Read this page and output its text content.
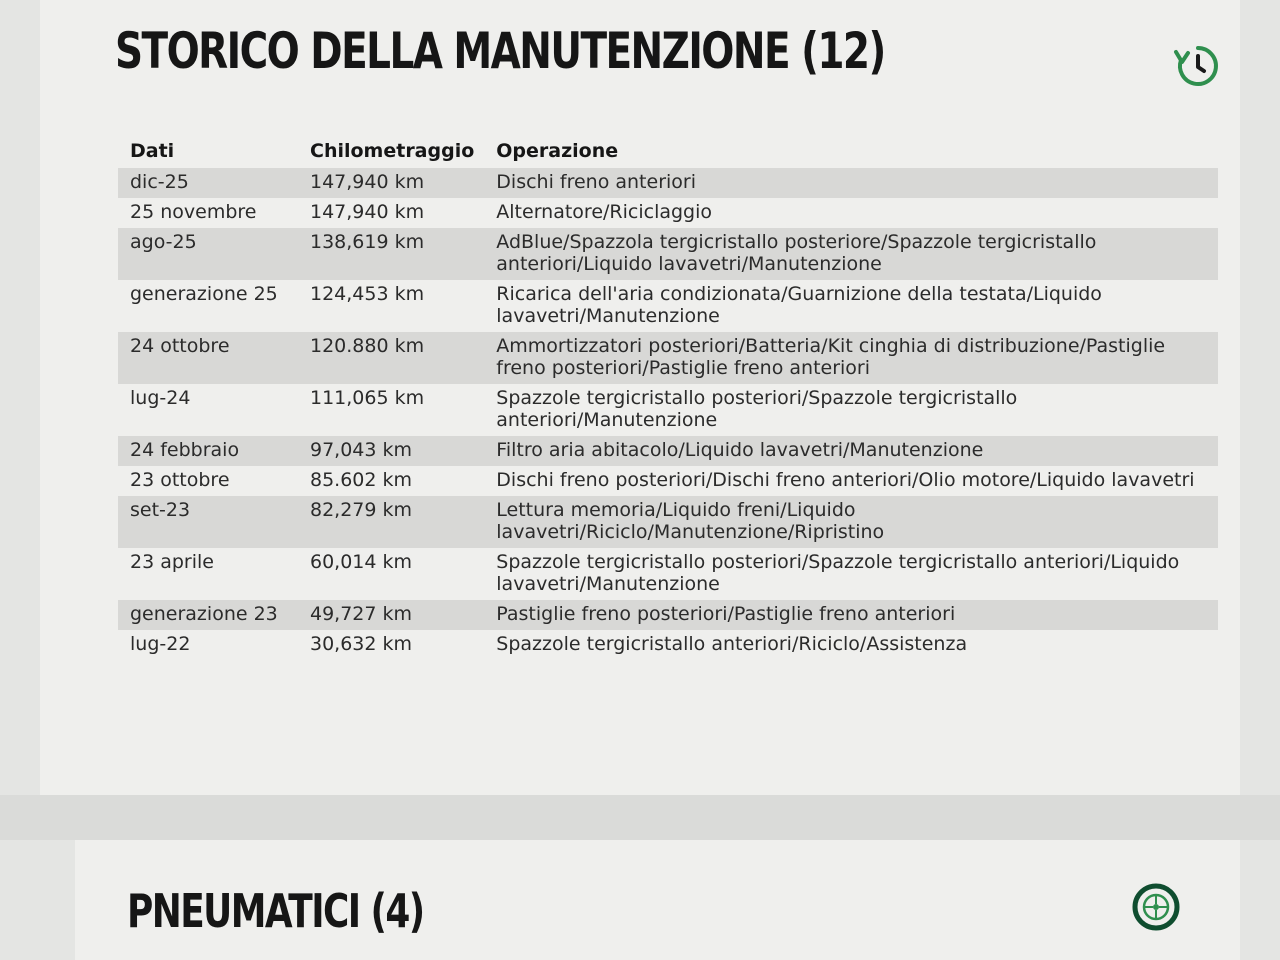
STORICO DELLA MANUTENZIONE (12)
Dati	Chilometraggio	Operazione
dic-25	147,940 km	Dischi freno anteriori
25 novembre	147,940 km	Alternatore/Riciclaggio
ago-25	138,619 km	AdBlue/Spazzola tergicristallo posteriore/Spazzole tergicristallo anteriori/Liquido lavavetri/Manutenzione
generazione 25	124,453 km	Ricarica dell'aria condizionata/Guarnizione della testata/Liquido lavavetri/Manutenzione
24 ottobre	120.880 km	Ammortizzatori posteriori/Batteria/Kit cinghia di distribuzione/Pastiglie freno posteriori/Pastiglie freno anteriori
lug-24	111,065 km	Spazzole tergicristallo posteriori/Spazzole tergicristallo anteriori/Manutenzione
24 febbraio	97,043 km	Filtro aria abitacolo/Liquido lavavetri/Manutenzione
23 ottobre	85.602 km	Dischi freno posteriori/Dischi freno anteriori/Olio motore/Liquido lavavetri
set-23	82,279 km	Lettura memoria/Liquido freni/Liquido lavavetri/Riciclo/Manutenzione/Ripristino
23 aprile	60,014 km	Spazzole tergicristallo posteriori/Spazzole tergicristallo anteriori/Liquido lavavetri/Manutenzione
generazione 23	49,727 km	Pastiglie freno posteriori/Pastiglie freno anteriori
lug-22	30,632 km	Spazzole tergicristallo anteriori/Riciclo/Assistenza
PNEUMATICI (4)
